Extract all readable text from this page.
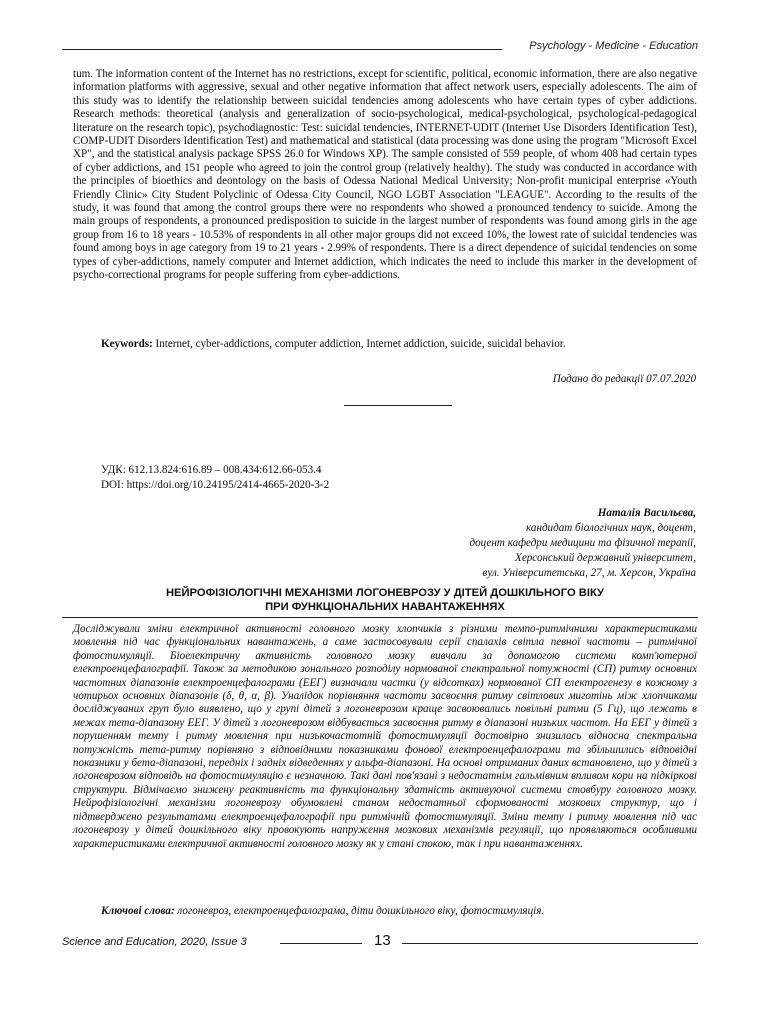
Psychology - Medicine - Education

tum. The information content of the Internet has no restrictions, except for scientific, political, economic information, there are also negative information platforms with aggressive, sexual and other negative information that affect network users, especially adolescents. The aim of this study was to identify the relationship between suicidal tendencies among adolescents who have certain types of cyber addictions. Research methods: theoretical (analysis and generalization of socio-psychological, medical-psychological, psychological-pedagogical literature on the research topic), psychodiagnostic: Test: suicidal tendencies, INTERNET-UDIT (Internet Use Disorders Identification Test), COMP-UDIT Disorders Identification Test) and mathematical and statistical (data processing was done using the program "Microsoft Excel XP", and the statistical analysis package SPSS 26.0 for Windows XP). The sample consisted of 559 people, of whom 408 had certain types of cyber addictions, and 151 people who agreed to join the control group (relatively healthy). The study was conducted in accordance with the principles of bioethics and deontology on the basis of Odessa National Medical University; Non-profit municipal enterprise «Youth Friendly Clinic» City Student Polyclinic of Odessa City Council, NGO LGBT Association "LEAGUE". According to the results of the study, it was found that among the control groups there were no respondents who showed a pronounced tendency to suicide. Among the main groups of respondents, a pronounced predisposition to suicide in the largest number of respondents was found among girls in the age group from 16 to 18 years - 10.53% of respondents in all other major groups did not exceed 10%, the lowest rate of suicidal tendencies was found among boys in age category from 19 to 21 years - 2.99% of respondents. There is a direct dependence of suicidal tendencies on some types of cyber-addictions, namely computer and Internet addiction, which indicates the need to include this marker in the development of psycho-correctional programs for people suffering from cyber-addictions.

Keywords: Internet, cyber-addictions, computer addiction, Internet addiction, suicide, suicidal behavior.
Подано до редакції 07.07.2020
УДК: 612.13.824:616.89 – 008.434:612.66-053.4
DOI: https://doi.org/10.24195/2414-4665-2020-3-2
Наталія Васильєва,
кандидат біологічних наук, доцент,
доцент кафедри медицини та фізичної терапії,
Херсонський державний університет,
вул. Університетська, 27, м. Херсон, Україна
НЕЙРОФІЗІОЛОГІЧНІ МЕХАНІЗМИ ЛОГОНЕВРОЗУ У ДІТЕЙ ДОШКІЛЬНОГО ВІКУ
ПРИ ФУНКЦІОНАЛЬНИХ НАВАНТАЖЕННЯХ

Досліджували зміни електричної активності головного мозку хлопчиків з різними темпо-ритмічними характеристиками мовлення під час функціональних навантажень, а саме застосовували серії спалахів світла певної частоти – ритмічної фотостимуляції. Біоелектричну активність головного мозку вивчали за допомогою системи комп'ютерної електроенцефалографії. Також за методикою зонального розподілу нормованої спектральної потужності (СП) ритму основних частотних діапазонів електроенцефалограми (ЕЕГ) визначали частки (у відсотках) нормованої СП електрогенезу в кожному з чотирьох основних діапазонів (δ, θ, α, β). Уналідок порівняння частоти засвоєння ритму світлових миготінь між хлопчиками досліджуваних груп було виявлено, що у групі дітей з логоневрозом краще засвоювались повільні ритми (5 Гц), що лежать в межах тета-діапазону ЕЕГ. У дітей з логоневрозом відбувається засвоєння ритму в діапазоні низьких частот. На ЕЕГ у дітей з порушенням темпу і ритму мовлення при низькочастотній фотостимуляції достовірно знизилась відносна спектральна потужність тета-ритму порівняно з відповідними показниками фонової електроенцефалограми та збільшились відповідні показники у бета-діапазоні, передніх і задніх відведеннях у альфа-діапазоні. На основі отриманих даних встановлено, що у дітей з логоневрозом відповідь на фотостимуляцію є незначною. Такі дані пов'язані з недостатнім гальмівним впливом кори на підкіркові структури. Відмічаємо знижену реактивність та функціональну здатність активуючої системи стовбуру головного мозку. Нейрофізіологічні механізми логоневрозу обумовлені станом недостатньої сформованості мозкових структур, що і підтверджено результатами електроенцефалографії при ритмічній фотостимуляції. Зміни темпу і ритму мовлення під час логоневрозу у дітей дошкільного віку провокують напруження мозкових механізмів регуляції, що проявляються особливими характеристиками електричної активності головного мозку як у стані спокою, так і при навантаженнях.

Ключові слова: логоневроз, електроенцефалограма, діти дошкільного віку, фотостимуляція.
Science and Education, 2020, Issue 3	13
